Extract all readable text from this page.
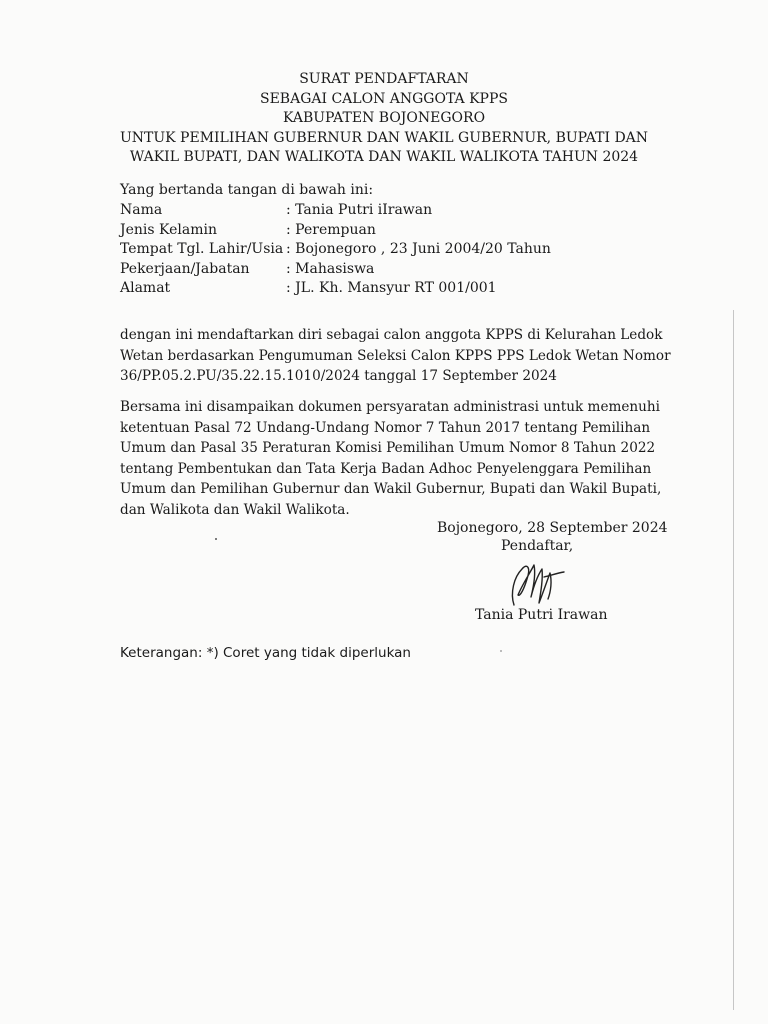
SURAT PENDAFTARAN
SEBAGAI CALON ANGGOTA KPPS
KABUPATEN BOJONEGORO
UNTUK PEMILIHAN GUBERNUR DAN WAKIL GUBERNUR, BUPATI DAN
WAKIL BUPATI, DAN WALIKOTA DAN WAKIL WALIKOTA TAHUN 2024
Yang bertanda tangan di bawah ini:
Nama	: Tania Putri iIrawan
Jenis Kelamin	: Perempuan
Tempat Tgl. Lahir/Usia : Bojonegoro , 23 Juni 2004/20 Tahun
Pekerjaan/Jabatan	: Mahasiswa
Alamat	: JL. Kh. Mansyur RT 001/001
dengan ini mendaftarkan diri sebagai calon anggota KPPS di Kelurahan Ledok
Wetan berdasarkan Pengumuman Seleksi Calon KPPS PPS Ledok Wetan Nomor
36/PP.05.2.PU/35.22.15.1010/2024 tanggal 17 September 2024
Bersama ini disampaikan dokumen persyaratan administrasi untuk memenuhi
ketentuan Pasal 72 Undang-Undang Nomor 7 Tahun 2017 tentang Pemilihan
Umum dan Pasal 35 Peraturan Komisi Pemilihan Umum Nomor 8 Tahun 2022
tentang Pembentukan dan Tata Kerja Badan Adhoc Penyelenggara Pemilihan
Umum dan Pemilihan Gubernur dan Wakil Gubernur, Bupati dan Wakil Bupati,
dan Walikota dan Wakil Walikota.
Bojonegoro, 28 September 2024
Pendaftar,
Tania Putri Irawan
Keterangan: *) Coret yang tidak diperlukan
